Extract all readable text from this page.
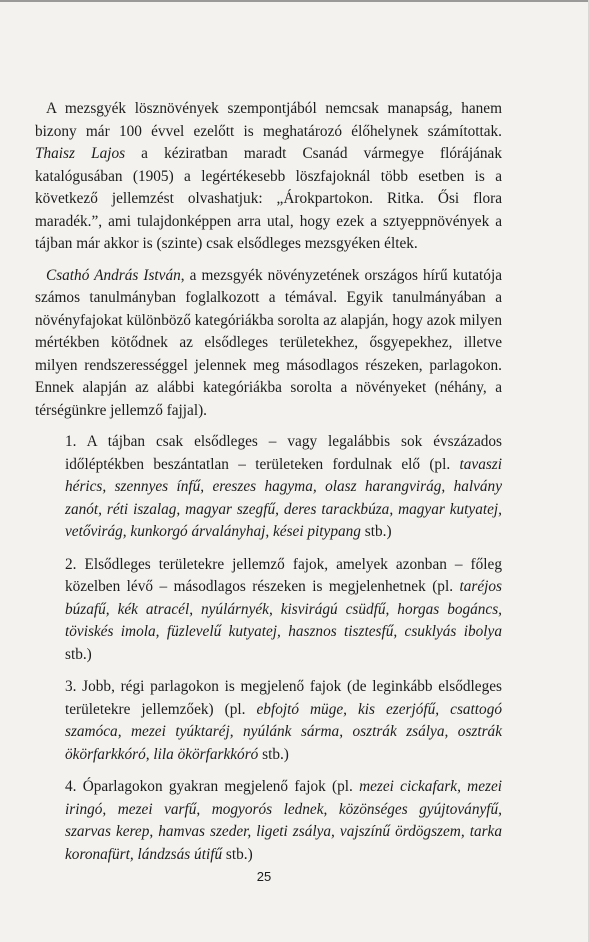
A mezsgyék lösznövények szempontjából nemcsak manapság, hanem bizony már 100 évvel ezelőtt is meghatározó élőhelynek számítottak. Thaisz Lajos a kéziratban maradt Csanád vármegye flórájának katalógusában (1905) a legértékesebb löszfajoknál több esetben is a következő jellemzést olvashatjuk: „Árokpartokon. Ritka. Ősi flora maradék.”, ami tulajdonképpen arra utal, hogy ezek a sztyeppnövények a tájban már akkor is (szinte) csak elsődleges mezsgyéken éltek.

Csathó András István, a mezsgyék növényzetének országos hírű kutatója számos tanulmányban foglalkozott a témával. Egyik tanulmányában a növényfajokat különböző kategóriákba sorolta az alapján, hogy azok milyen mértékben kötődnek az elsődleges területekhez, ősgyepekhez, illetve milyen rendszerességgel jelennek meg másodlagos részeken, parlagokon. Ennek alapján az alábbi kategóriákba sorolta a növényeket (néhány, a térségünkre jellemző fajjal).

1. A tájban csak elsődleges – vagy legalábbis sok évszázados időléptékben beszántatlan – területeken fordulnak elő (pl. tavaszi hérics, szennyes ínfű, ereszes hagyma, olasz harangvirág, halvány zanót, réti iszalag, magyar szegfű, deres tarackbúza, magyar kutyatej, vetővirág, kunkorgó árvalányhaj, kései pitypang stb.)

2. Elsődleges területekre jellemző fajok, amelyek azonban – főleg közelben lévő – másodlagos részeken is megjelenhetnek (pl. taréjos búzafű, kék atracél, nyúlárnyék, kisvirágú csüdfű, horgas bogáncs, töviskés imola, füzlevelű kutyatej, hasznos tisztesfű, csuklyás ibolya stb.)

3. Jobb, régi parlagokon is megjelenő fajok (de leginkább elsődleges területekre jellemzőek) (pl. ebfojtó müge, kis ezerjófű, csattogó szamóca, mezei tyúktaréj, nyúlánk sárma, osztrák zsálya, osztrák ökörfarkkóró, lila ökörfarkkóró stb.)

4. Óparlagokon gyakran megjelenő fajok (pl. mezei cickafark, mezei iringó, mezei varfű, mogyorós lednek, közönséges gyújtoványfű, szarvas kerep, hamvas szeder, ligeti zsálya, vajszínű ördögszem, tarka koronafürt, lándzsás útifű stb.)

25
